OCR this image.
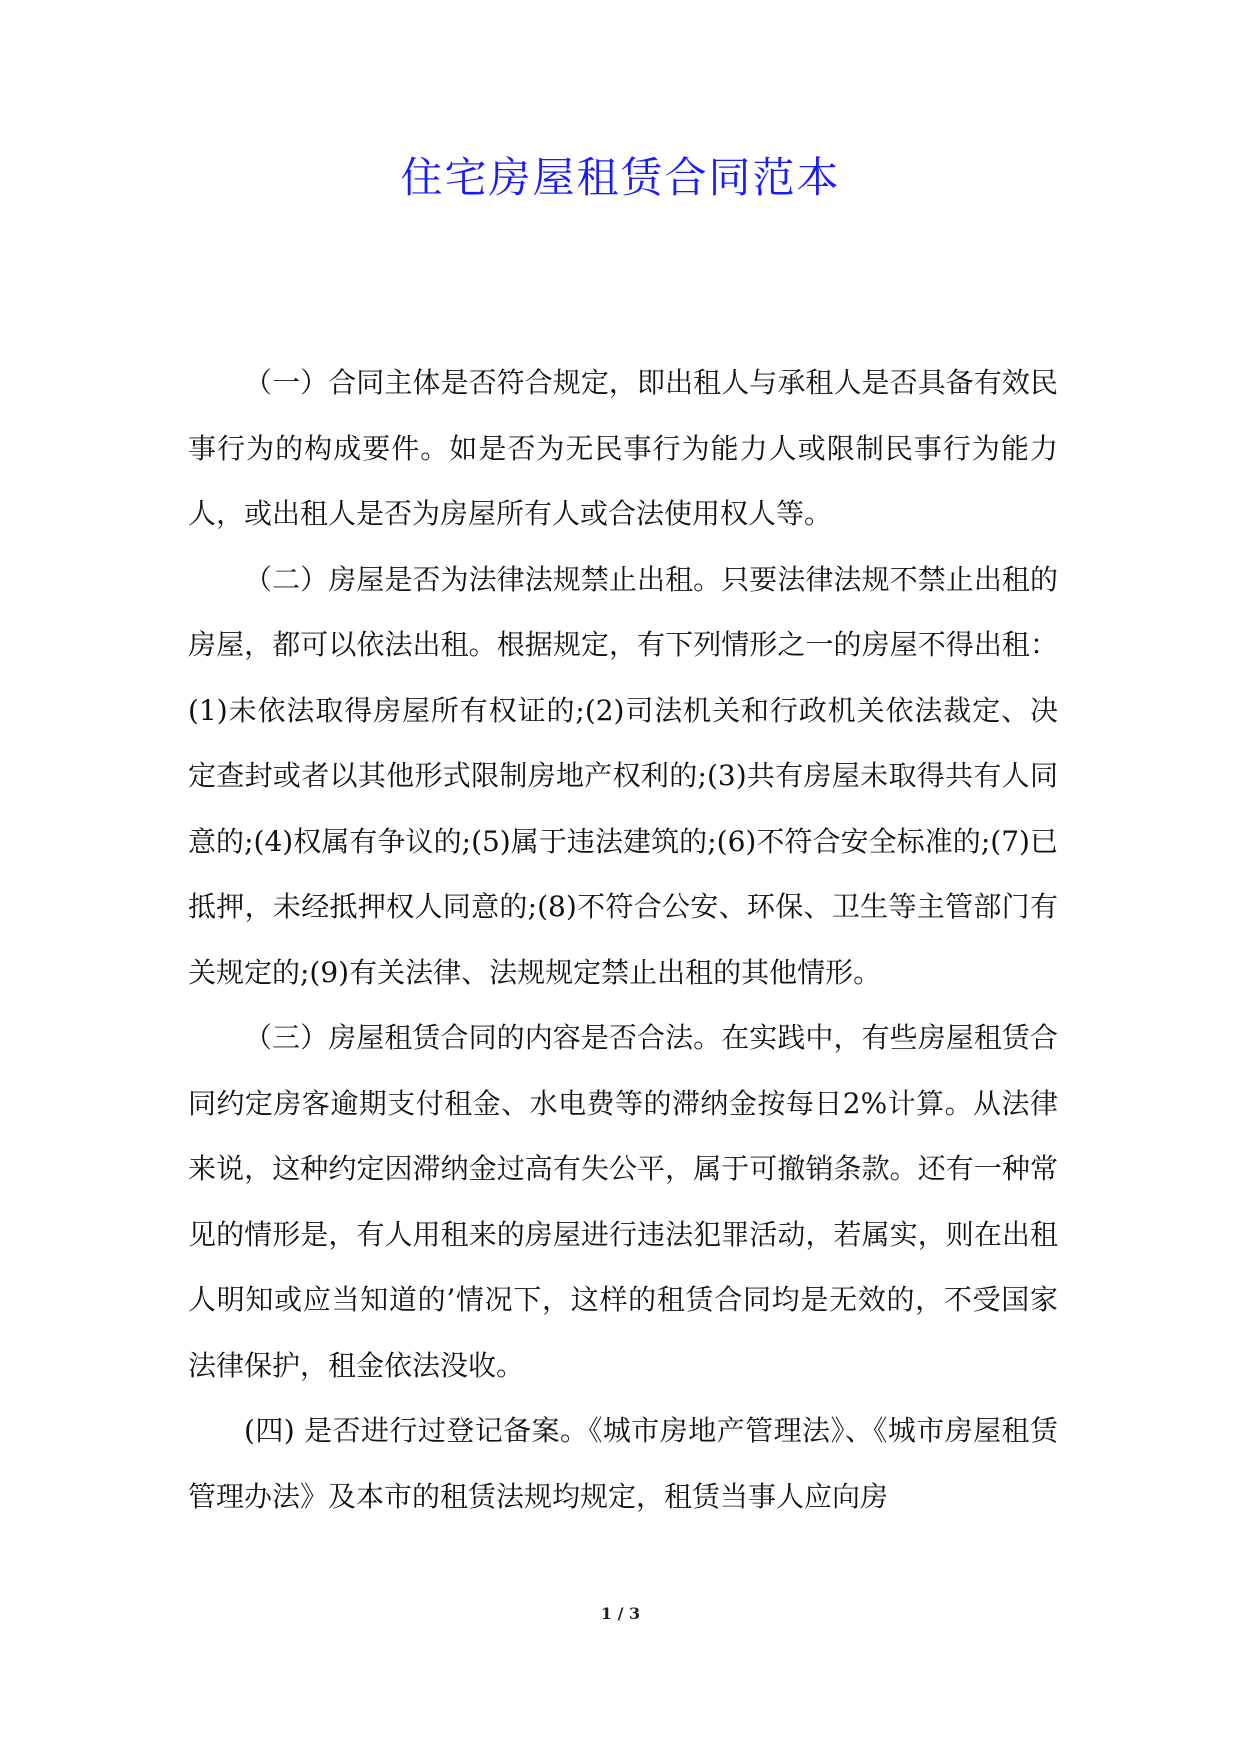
住宅房屋租赁合同范本

（一）合同主体是否符合规定，即出租人与承租人是否具备有效民事行为的构成要件。如是否为无民事行为能力人或限制民事行为能力人，或出租人是否为房屋所有人或合法使用权人等。

（二）房屋是否为法律法规禁止出租。只要法律法规不禁止出租的房屋，都可以依法出租。根据规定，有下列情形之一的房屋不得出租：(1)未依法取得房屋所有权证的;(2)司法机关和行政机关依法裁定、决定查封或者以其他形式限制房地产权利的;(3)共有房屋未取得共有人同意的;(4)权属有争议的;(5)属于违法建筑的;(6)不符合安全标准的;(7)已抵押，未经抵押权人同意的;(8)不符合公安、环保、卫生等主管部门有关规定的;(9)有关法律、法规规定禁止出租的其他情形。

（三）房屋租赁合同的内容是否合法。在实践中，有些房屋租赁合同约定房客逾期支付租金、水电费等的滞纳金按每日2%计算。从法律来说，这种约定因滞纳金过高有失公平，属于可撤销条款。还有一种常见的情形是，有人用租来的房屋进行违法犯罪活动，若属实，则在出租人明知或应当知道的’情况下，这样的租赁合同均是无效的，不受国家法律保护，租金依法没收。

(四) 是否进行过登记备案。《城市房地产管理法》、《城市房屋租赁管理办法》及本市的租赁法规均规定，租赁当事人应向房

1 / 3
